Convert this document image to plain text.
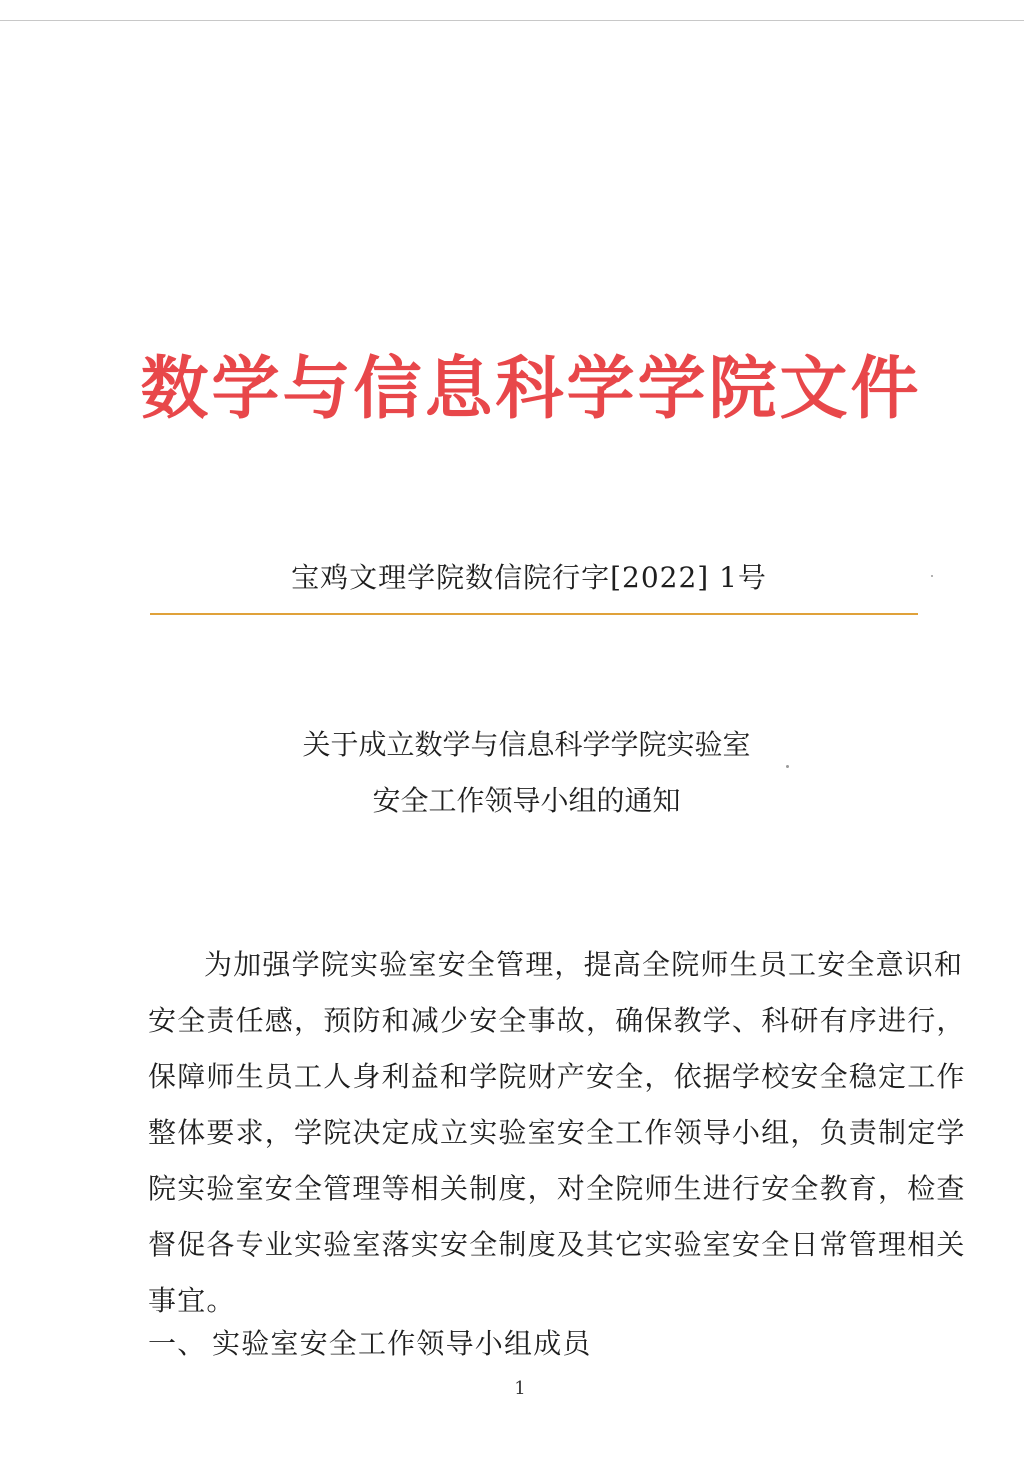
数学与信息科学学院文件
宝鸡文理学院数信院行字[2022] 1号
关于成立数学与信息科学学院实验室
安全工作领导小组的通知
为加强学院实验室安全管理，提高全院师生员工安全意识和
安全责任感，预防和减少安全事故，确保教学、科研有序进行，
保障师生员工人身利益和学院财产安全，依据学校安全稳定工作
整体要求，学院决定成立实验室安全工作领导小组，负责制定学
院实验室安全管理等相关制度，对全院师生进行安全教育，检查
督促各专业实验室落实安全制度及其它实验室安全日常管理相关
事宜。
一、 实验室安全工作领导小组成员
1
